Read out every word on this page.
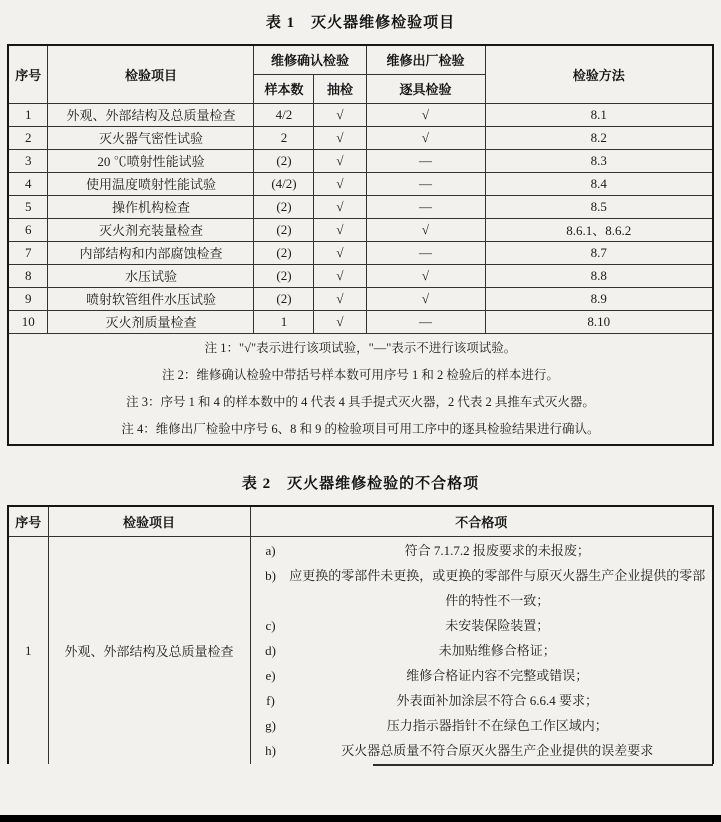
表 1　灭火器维修检验项目
序号	检验项目	维修确认检验		维修出厂检验	检验方法
		样本数	抽检	逐具检验	
1	外观、外部结构及总质量检查	4/2	√	√	8.1
2	灭火器气密性试验	2	√	√	8.2
3	20 ℃喷射性能试验	(2)	√	—	8.3
4	使用温度喷射性能试验	(4/2)	√	—	8.4
5	操作机构检查	(2)	√	—	8.5
6	灭火剂充装量检查	(2)	√	√	8.6.1、8.6.2
7	内部结构和内部腐蚀检查	(2)	√	—	8.7
8	水压试验	(2)	√	√	8.8
9	喷射软管组件水压试验	(2)	√	√	8.9
10	灭火剂质量检查	1	√	—	8.10

注 1："√"表示进行该项试验，"—"表示不进行该项试验。
注 2：维修确认检验中带括号样本数可用序号 1 和 2 检验后的样本进行。
注 3：序号 1 和 4 的样本数中的 4 代表 4 具手提式灭火器，2 代表 2 具推车式灭火器。
注 4：维修出厂检验中序号 6、8 和 9 的检验项目可用工序中的逐具检验结果进行确认。					
表 2　灭火器维修检验的不合格项
序号	检验项目	不合格项
1	外观、外部结构及总质量检查	
a)	符合 7.1.7.2 报废要求的未报废；
b)	应更换的零部件未更换，或更换的零部件与原灭火器生产企业提供的零部件的特性不一致；
c)	未安装保险装置；
d)	未加贴维修合格证；
e)	维修合格证内容不完整或错误；
f)	外表面补加涂层不符合 6.6.4 要求；
g)	压力指示器指针不在绿色工作区域内；
h)	灭火器总质量不符合原灭火器生产企业提供的误差要求
